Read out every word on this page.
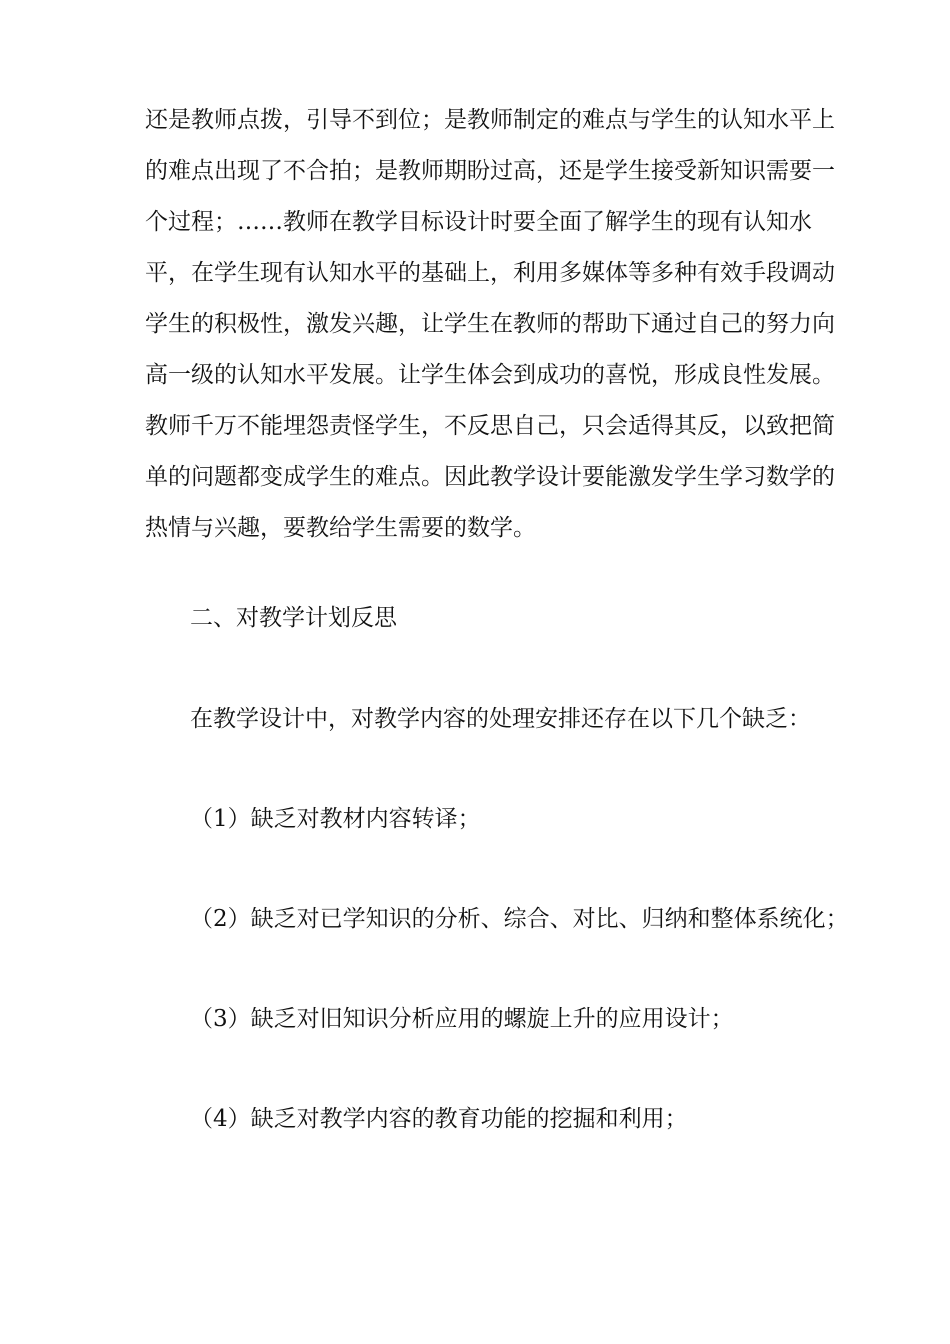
还是教师点拨，引导不到位；是教师制定的难点与学生的认知水平上
的难点出现了不合拍；是教师期盼过高，还是学生接受新知识需要一
个过程；……教师在教学目标设计时要全面了解学生的现有认知水
平，在学生现有认知水平的基础上，利用多媒体等多种有效手段调动
学生的积极性，激发兴趣，让学生在教师的帮助下通过自己的努力向
高一级的认知水平发展。让学生体会到成功的喜悦，形成良性发展。
教师千万不能埋怨责怪学生，不反思自己，只会适得其反，以致把简
单的问题都变成学生的难点。因此教学设计要能激发学生学习数学的
热情与兴趣，要教给学生需要的数学。

二、对教学计划反思

在教学设计中，对教学内容的处理安排还存在以下几个缺乏：

（1）缺乏对教材内容转译；

（2）缺乏对已学知识的分析、综合、对比、归纳和整体系统化；

（3）缺乏对旧知识分析应用的螺旋上升的应用设计；

（4）缺乏对教学内容的教育功能的挖掘和利用；
